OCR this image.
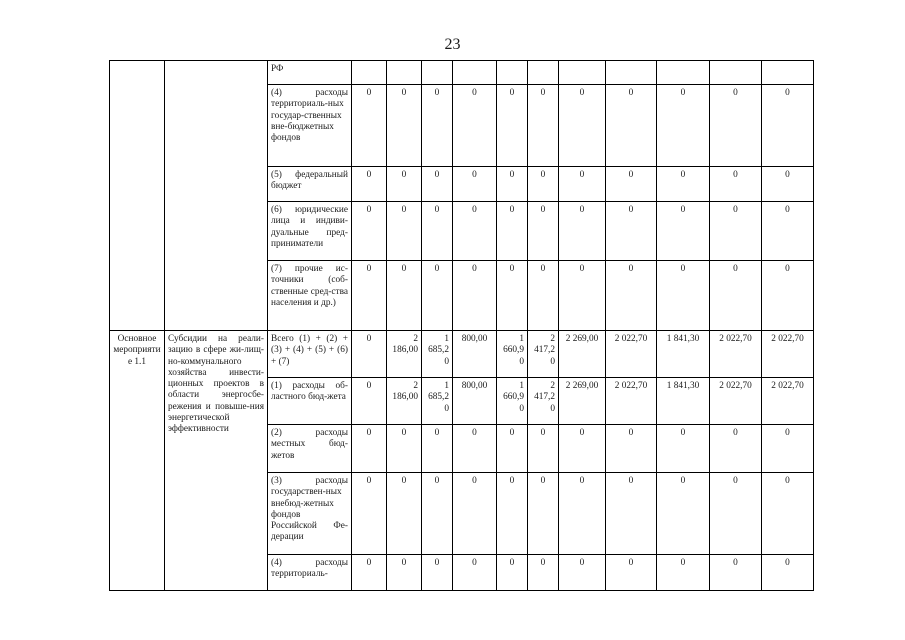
23
		РФ											
		(4) расходы территориаль-ных государ-ственных вне-бюджетных фондов	0	0	0	0	0	0	0	0	0	0	0
		(5) федеральный бюджет	0	0	0	0	0	0	0	0	0	0	0
		(6) юридические лица и индиви-дуальные пред-приниматели	0	0	0	0	0	0	0	0	0	0	0
		(7) прочие ис-точники (соб-ственные сред-ства населения и др.)	0	0	0	0	0	0	0	0	0	0	0
Основное мероприятие 1.1	Субсидии на реали-зацию в сфере жи-лищ-но-коммунального хозяйства инвести-ционных проектов в области энергосбе-режения и повыше-ния энергетической эффективности	Всего (1) + (2) + (3) + (4) + (5) + (6) + (7)	0	2 186,00	1 685,20	800,00	1 660,90	2 417,20	2 269,00	2 022,70	1 841,30	2 022,70	2 022,70
		(1) расходы об-ластного бюд-жета	0	2 186,00	1 685,20	800,00	1 660,90	2 417,20	2 269,00	2 022,70	1 841,30	2 022,70	2 022,70
		(2) расходы местных бюд-жетов	0	0	0	0	0	0	0	0	0	0	0
		(3) расходы государствен-ных внебюд-жетных фондов Российской Фе-дерации	0	0	0	0	0	0	0	0	0	0	0
		(4) расходы территориаль-	0	0	0	0	0	0	0	0	0	0	0
